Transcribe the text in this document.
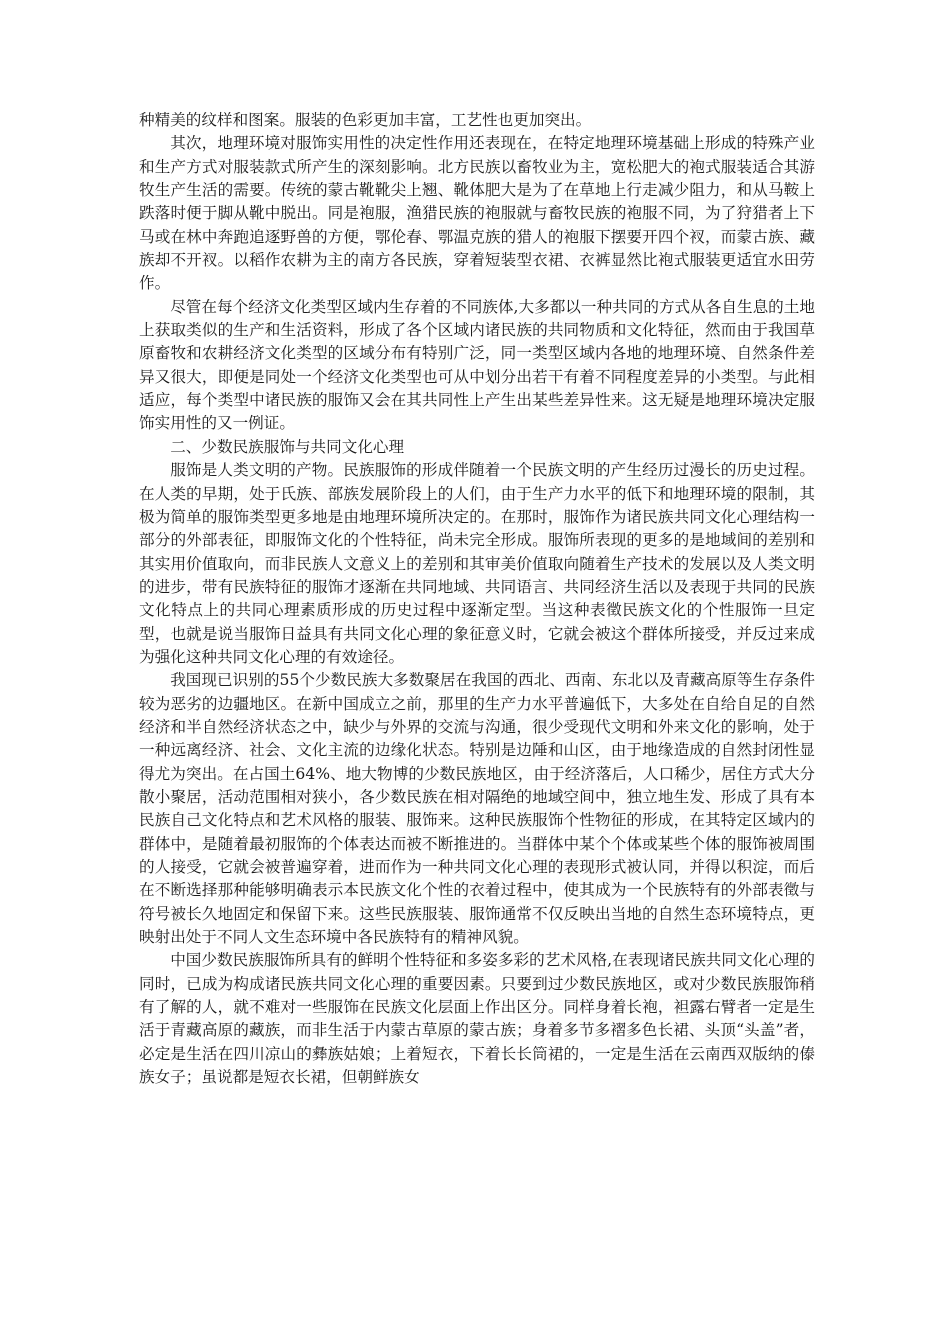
种精美的纹样和图案。服装的色彩更加丰富，工艺性也更加突出。

其次，地理环境对服饰实用性的决定性作用还表现在，在特定地理环境基础上形成的特殊产业和生产方式对服装款式所产生的深刻影响。北方民族以畜牧业为主，宽松肥大的袍式服装适合其游牧生产生活的需要。传统的蒙古靴靴尖上翘、靴体肥大是为了在草地上行走减少阻力，和从马鞍上跌落时便于脚从靴中脱出。同是袍服，渔猎民族的袍服就与畜牧民族的袍服不同，为了狩猎者上下马或在林中奔跑追逐野兽的方便，鄂伦春、鄂温克族的猎人的袍服下摆要开四个衩，而蒙古族、藏族却不开衩。以稻作农耕为主的南方各民族，穿着短装型衣裙、衣裤显然比袍式服装更适宜水田劳作。

尽管在每个经济文化类型区域内生存着的不同族体,大多都以一种共同的方式从各自生息的土地上获取类似的生产和生活资料，形成了各个区域内诸民族的共同物质和文化特征，然而由于我国草原畜牧和农耕经济文化类型的区域分布有特别广泛，同一类型区域内各地的地理环境、自然条件差异又很大，即便是同处一个经济文化类型也可从中划分出若干有着不同程度差异的小类型。与此相适应，每个类型中诸民族的服饰又会在其共同性上产生出某些差异性来。这无疑是地理环境决定服饰实用性的又一例证。

二、少数民族服饰与共同文化心理

服饰是人类文明的产物。民族服饰的形成伴随着一个民族文明的产生经历过漫长的历史过程。在人类的早期，处于氏族、部族发展阶段上的人们，由于生产力水平的低下和地理环境的限制，其极为简单的服饰类型更多地是由地理环境所决定的。在那时，服饰作为诸民族共同文化心理结构一部分的外部表征，即服饰文化的个性特征，尚未完全形成。服饰所表现的更多的是地域间的差别和其实用价值取向，而非民族人文意义上的差别和其审美价值取向随着生产技术的发展以及人类文明的进步，带有民族特征的服饰才逐渐在共同地域、共同语言、共同经济生活以及表现于共同的民族文化特点上的共同心理素质形成的历史过程中逐渐定型。当这种表徵民族文化的个性服饰一旦定型，也就是说当服饰日益具有共同文化心理的象征意义时，它就会被这个群体所接受，并反过来成为强化这种共同文化心理的有效途径。

我国现已识别的55个少数民族大多数聚居在我国的西北、西南、东北以及青藏高原等生存条件较为恶劣的边疆地区。在新中国成立之前，那里的生产力水平普遍低下，大多处在自给自足的自然经济和半自然经济状态之中，缺少与外界的交流与沟通，很少受现代文明和外来文化的影响，处于一种远离经济、社会、文化主流的边缘化状态。特别是边陲和山区，由于地缘造成的自然封闭性显得尤为突出。在占国土64%、地大物博的少数民族地区，由于经济落后，人口稀少，居住方式大分散小聚居，活动范围相对狭小，各少数民族在相对隔绝的地域空间中，独立地生发、形成了具有本民族自己文化特点和艺术风格的服装、服饰来。这种民族服饰个性物征的形成，在其特定区域内的群体中，是随着最初服饰的个体表达而被不断推进的。当群体中某个个体或某些个体的服饰被周围的人接受，它就会被普遍穿着，进而作为一种共同文化心理的表现形式被认同，并得以积淀，而后在不断选择那种能够明确表示本民族文化个性的衣着过程中，使其成为一个民族特有的外部表徵与符号被长久地固定和保留下来。这些民族服装、服饰通常不仅反映出当地的自然生态环境特点，更映射出处于不同人文生态环境中各民族特有的精神风貌。

中国少数民族服饰所具有的鲜明个性特征和多姿多彩的艺术风格,在表现诸民族共同文化心理的同时，已成为构成诸民族共同文化心理的重要因素。只要到过少数民族地区，或对少数民族服饰稍有了解的人，就不难对一些服饰在民族文化层面上作出区分。同样身着长袍，袒露右臂者一定是生活于青藏高原的藏族，而非生活于内蒙古草原的蒙古族；身着多节多褶多色长裙、头顶“头盖”者，必定是生活在四川凉山的彝族姑娘；上着短衣，下着长长筒裙的，一定是生活在云南西双版纳的傣族女子；虽说都是短衣长裙，但朝鲜族女
